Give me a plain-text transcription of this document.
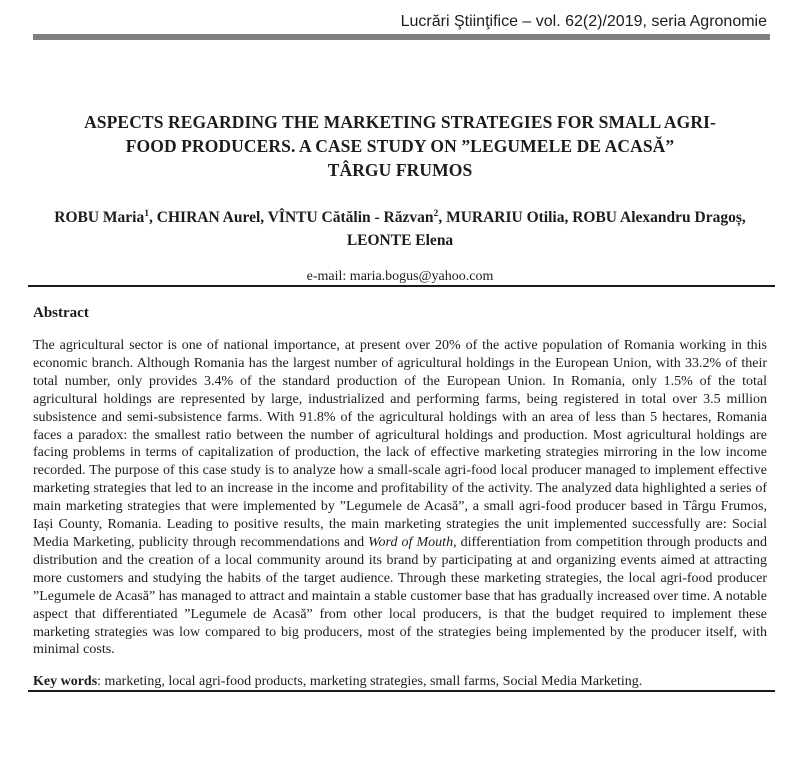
Lucrări Ştiinţifice – vol. 62(2)/2019, seria Agronomie
ASPECTS REGARDING THE MARKETING STRATEGIES FOR SMALL AGRI-
FOOD PRODUCERS. A CASE STUDY ON ”LEGUMELE DE ACASĂ”
TÂRGU FRUMOS
ROBU Maria$^1$, CHIRAN Aurel, VÎNTU Cătălin - Răzvan$^2$, MURARIU Otilia, ROBU Alexandru Dragoș, LEONTE Elena
e-mail: maria.bogus@yahoo.com
Abstract

The agricultural sector is one of national importance, at present over 20% of the active population of Romania working in this economic branch. Although Romania has the largest number of agricultural holdings in the European Union, with 33.2% of their total number, only provides 3.4% of the standard production of the European Union. In Romania, only 1.5% of the total agricultural holdings are represented by large, industrialized and performing farms, being registered in total over 3.5 million subsistence and semi-subsistence farms. With 91.8% of the agricultural holdings with an area of less than 5 hectares, Romania faces a paradox: the smallest ratio between the number of agricultural holdings and production. Most agricultural holdings are facing problems in terms of capitalization of production, the lack of effective marketing strategies mirroring in the low income recorded. The purpose of this case study is to analyze how a small-scale agri-food local producer managed to implement effective marketing strategies that led to an increase in the income and profitability of the activity. The analyzed data highlighted a series of main marketing strategies that were implemented by ”Legumele de Acasă”, a small agri-food producer based in Târgu Frumos, Iași County, Romania. Leading to positive results, the main marketing strategies the unit implemented successfully are: Social Media Marketing, publicity through recommendations and Word of Mouth, differentiation from competition through products and distribution and the creation of a local community around its brand by participating at and organizing events aimed at attracting more customers and studying the habits of the target audience. Through these marketing strategies, the local agri-food producer ”Legumele de Acasă” has managed to attract and maintain a stable customer base that has gradually increased over time. A notable aspect that differentiated ”Legumele de Acasă” from other local producers, is that the budget required to implement these marketing strategies was low compared to big producers, most of the strategies being implemented by the producer itself, with minimal costs.

Key words: marketing, local agri-food products, marketing strategies, small farms, Social Media Marketing.
